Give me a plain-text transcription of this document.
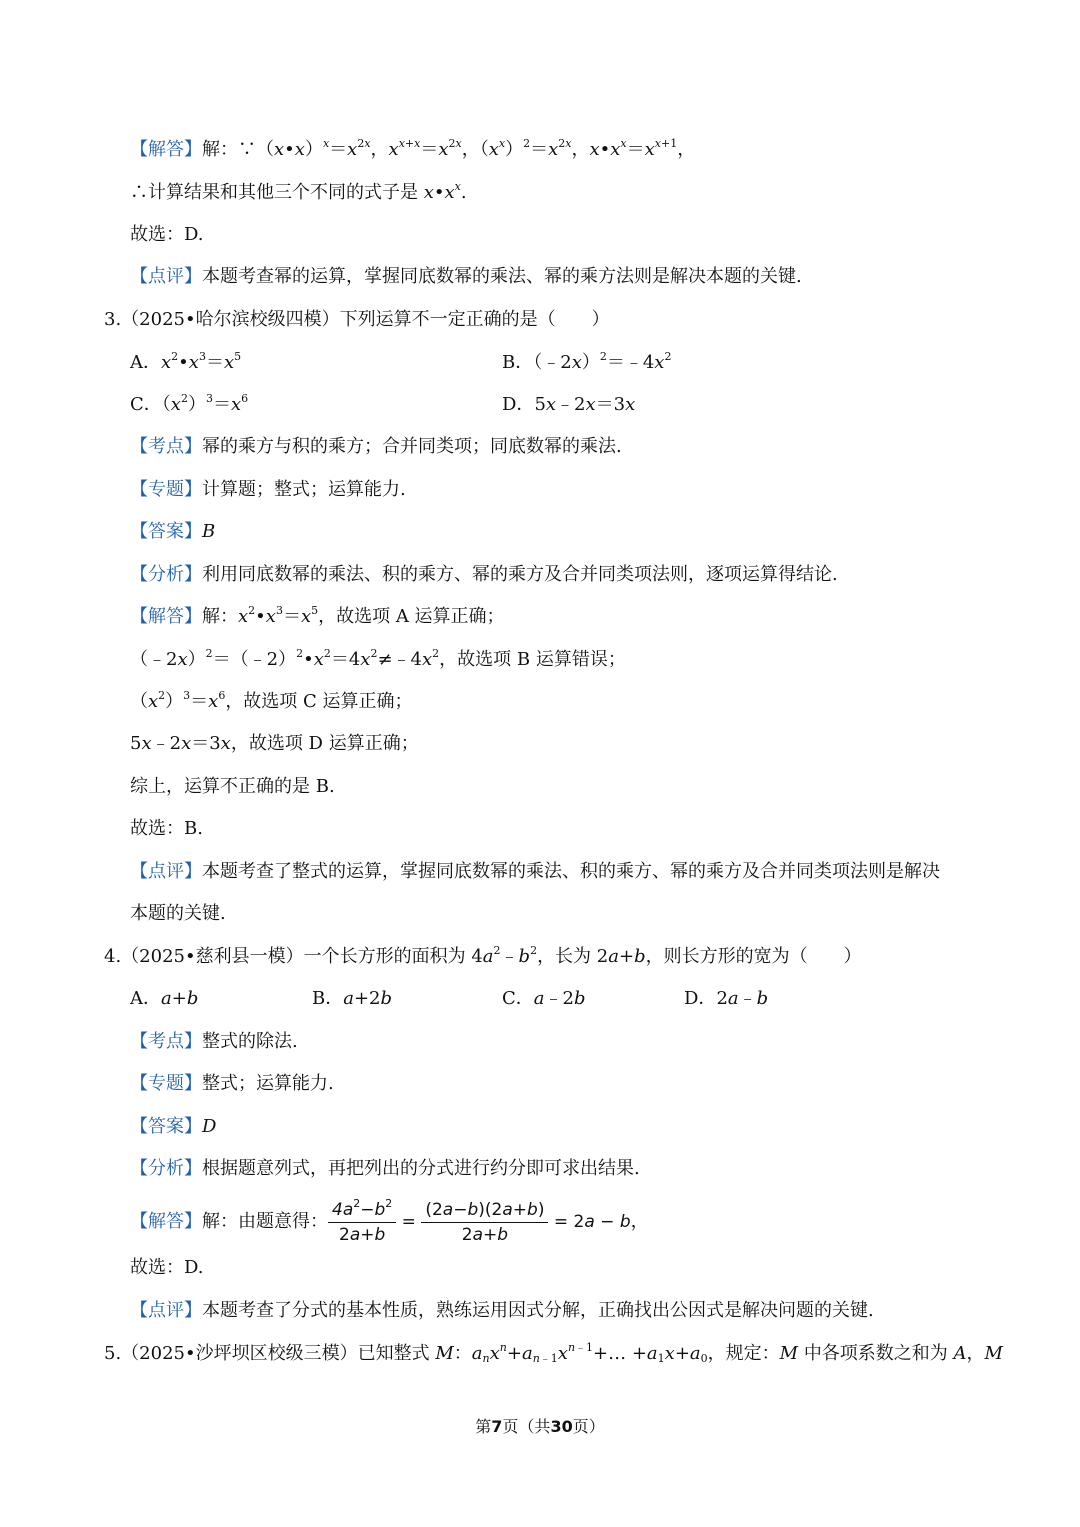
【解答】解：$\because(x•x)^x=x^{2x}$，$x^{x+x}=x^{2x}$，$(x^x)^2=x^{2x}$，$x•x^x=x^{x+1}$，
∴计算结果和其他三个不同的式子是 $x•x^x$.
故选：D.
【点评】本题考查幂的运算，掌握同底数幂的乘法、幂的乘方法则是解决本题的关键.
3.（2025•哈尔滨校级四模）下列运算不一定正确的是（　　）
A．$x^2•x^3=x^5$	B．$(﹣2x)^2=﹣4x^2$
C．$(x^2)^3=x^6$	D．5x﹣2x＝3x
【考点】幂的乘方与积的乘方；合并同类项；同底数幂的乘法.
【专题】计算题；整式；运算能力.
【答案】B
【分析】利用同底数幂的乘法、积的乘方、幂的乘方及合并同类项法则，逐项运算得结论.
【解答】解：$x^2•x^3=x^5$，故选项 A 运算正确；
$(﹣2x)^2=(﹣2)^2•x^2=4x^2\ne﹣4x^2$，故选项 B 运算错误；
$(x^2)^3=x^6$，故选项 C 运算正确；
5x﹣2x＝3x，故选项 D 运算正确；
综上，运算不正确的是 B.
故选：B.
【点评】本题考查了整式的运算，掌握同底数幂的乘法、积的乘方、幂的乘方及合并同类项法则是解决
本题的关键.
4.（2025•慈利县一模）一个长方形的面积为 $4a^2﹣b^2$，长为 2a+b，则长方形的宽为（　　）
A．a+b	B．a+2b	C．a﹣2b	D．2a﹣b
【考点】整式的除法.
【专题】整式；运算能力.
【答案】D
【分析】根据题意列式，再把列出的分式进行约分即可求出结果.
【解答】解：由题意得： $\frac{4a^2-b^2}{2a+b} = \frac{(2a-b)(2a+b)}{2a+b} = 2a - b$，
故选：D.
【点评】本题考查了分式的基本性质，熟练运用因式分解，正确找出公因式是解决问题的关键.
5.（2025•沙坪坝区校级三模）已知整式 M：$a_nx^n+a_{n﹣1}x^{n﹣1}+\dots +a_1x+a_0$，规定：M 中各项系数之和为 A，M
第7页（共30页）
